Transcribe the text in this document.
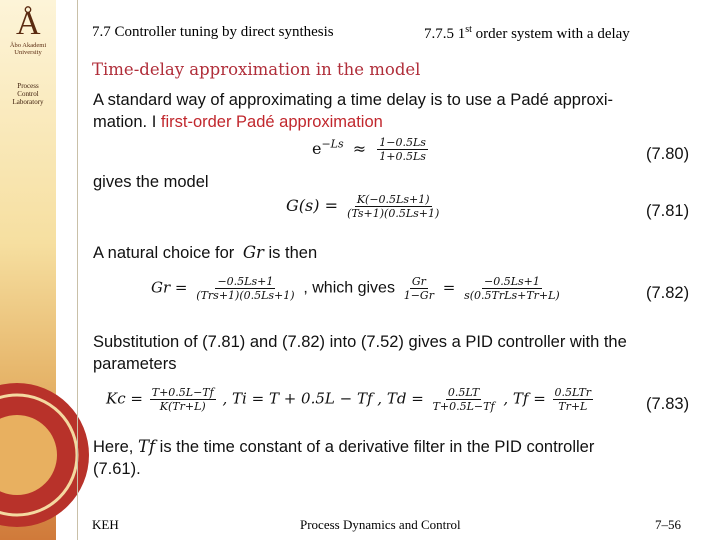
Å
Åbo Akademi
University
Process
Control
Laboratory
7.7 Controller tuning by direct synthesis	7.7.5 1st order system with a delay
Time-delay approximation in the model
A standard way of approximating a time delay is to use a Padé approxi-
mation. I first-order Padé approximation
$e^{-Ls} \approx \frac{1-0.5Ls}{1+0.5Ls}$	(7.80)
gives the model
$G(s) = \frac{K(-0.5Ls+1)}{(Ts+1)(0.5Ls+1)}$	(7.81)
A natural choice for Gr is then
$Gr = \frac{-0.5Ls+1}{\text{(Trs+1)(0.5Ls+1)}}$ , which gives $\frac{Gr}{1-Gr} = \frac{-0.5Ls+1}{\text{s(0.5TrLs+Tr+L)}}$	(7.82)
Substitution of (7.81) and (7.82) into (7.52) gives a PID controller with the
parameters
$Kc = \frac{T+0.5L-Tf}{K(Tr+L)}$ , Ti = T + 0.5L − Tf , $Td = \frac{0.5LT}{T+0.5L-Tf}$ , $Tf = \frac{\text{0.5LTr}}{Tr+L}$	(7.83)
Here, Tf is the time constant of a derivative filter in the PID controller
(7.61).
KEH	Process Dynamics and Control	7–56
